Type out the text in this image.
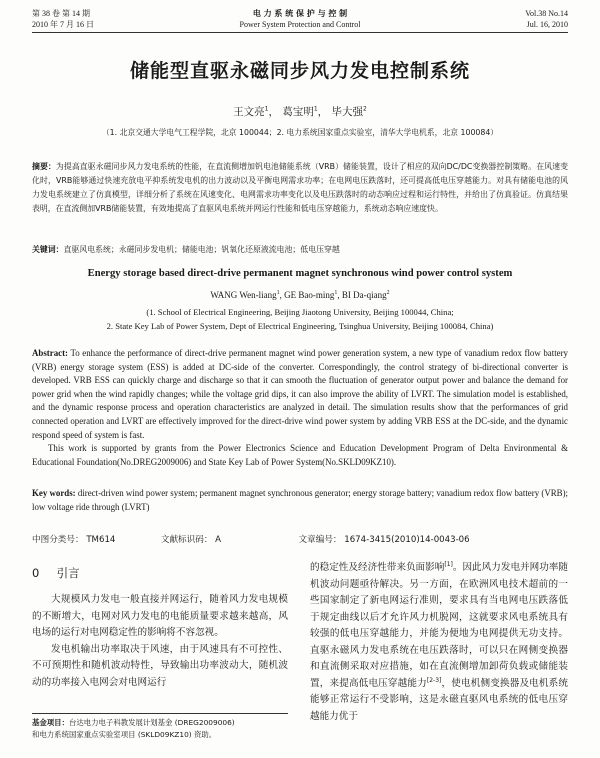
第 38 卷 第 14 期
2010 年 7 月 16 日
电 力 系 统 保 护 与 控 制
Power System Protection and Control
Vol.38 No.14
Jul. 16, 2010
储能型直驱永磁同步风力发电控制系统
王文亮$^1$， 葛宝明$^1$， 毕大强$^2$
（1. 北京交通大学电气工程学院，北京 100044；2. 电力系统国家重点实验室，清华大学电机系，北京 100084）
摘要：为提高直驱永磁同步风力发电系统的性能，在直流侧增加钒电池储能系统（VRB）储能装置，设计了相应的双向DC/DC变换器控制策略。在风速变化时，VRB能够通过快速充放电平抑系统发电机的出力波动以及平衡电网需求功率；在电网电压跌落时，还可提高低电压穿越能力。对具有储能电池的风力发电系统建立了仿真模型，详细分析了系统在风速变化、电网需求功率变化以及电压跌落时的动态响应过程和运行特性，并给出了仿真验证。仿真结果表明，在直流侧加VRB储能装置，有效地提高了直驱风电系统并网运行性能和低电压穿越能力，系统动态响应速度快。
关键词：直驱风电系统；永磁同步发电机；储能电池；钒氧化还原液流电池；低电压穿越
Energy storage based direct-drive permanent magnet synchronous wind power control system
WANG Wen-liang$^1$, GE Bao-ming$^1$, BI Da-qiang$^2$
(1. School of Electrical Engineering, Beijing Jiaotong University, Beijing 100044, China;
2. State Key Lab of Power System, Dept of Electrical Engineering, Tsinghua University, Beijing 100084, China)
Abstract: To enhance the performance of direct-drive permanent magnet wind power generation system, a new type of vanadium redox flow battery (VRB) energy storage system (ESS) is added at DC-side of the converter. Correspondingly, the control strategy of bi-directional converter is developed. VRB ESS can quickly charge and discharge so that it can smooth the fluctuation of generator output power and balance the demand for power grid when the wind rapidly changes; while the voltage grid dips, it can also improve the ability of LVRT. The simulation model is established, and the dynamic response process and operation characteristics are analyzed in detail. The simulation results show that the performances of grid connected operation and LVRT are effectively improved for the direct-drive wind power system by adding VRB ESS at the DC-side, and the dynamic respond speed of system is fast.
This work is supported by grants from the Power Electronics Science and Education Development Program of Delta Environmental & Educational Foundation(No.DREG2009006) and State Key Lab of Power System(No.SKLD09KZ10).
Key words: direct-driven wind power system; permanent magnet synchronous generator; energy storage battery; vanadium redox flow battery (VRB); low voltage ride through (LVRT)
中图分类号： TM614	文献标识码： A	文章编号： 1674-3415(2010)14-0043-06
0 引言
大规模风力发电一般直接并网运行，随着风力发电规模的不断增大，电网对风力发电的电能质量要求越来越高，风电场的运行对电网稳定性的影响将不容忽视。
发电机输出功率取决于风速，由于风速具有不可控性、不可预期性和随机波动特性，导致输出功率波动大，随机波动的功率接入电网会对电网运行
基金项目：台达电力电子科教发展计划基金 (DREG2009006)
和电力系统国家重点实验室项目 (SKLD09KZ10) 资助。
的稳定性及经济性带来负面影响[1]。因此风力发电并网功率随机波动问题亟待解决。另一方面，在欧洲风电技术超前的一些国家制定了新电网运行准则，要求具有当电网电压跌落低于规定曲线以后才允许风力机脱网，这就要求风电系统具有较强的低电压穿越能力，并能为便地为电网提供无功支持。直驱永磁风力发电系统在电压跌落时，可以只在网侧变换器和直流侧采取对应措施，如在直流侧增加卸荷负载或储能装置，来提高低电压穿越能力[2-3]，使电机侧变换器及电机系统能够正常运行不受影响，这是永磁直驱风电系统的低电压穿越能力优于
